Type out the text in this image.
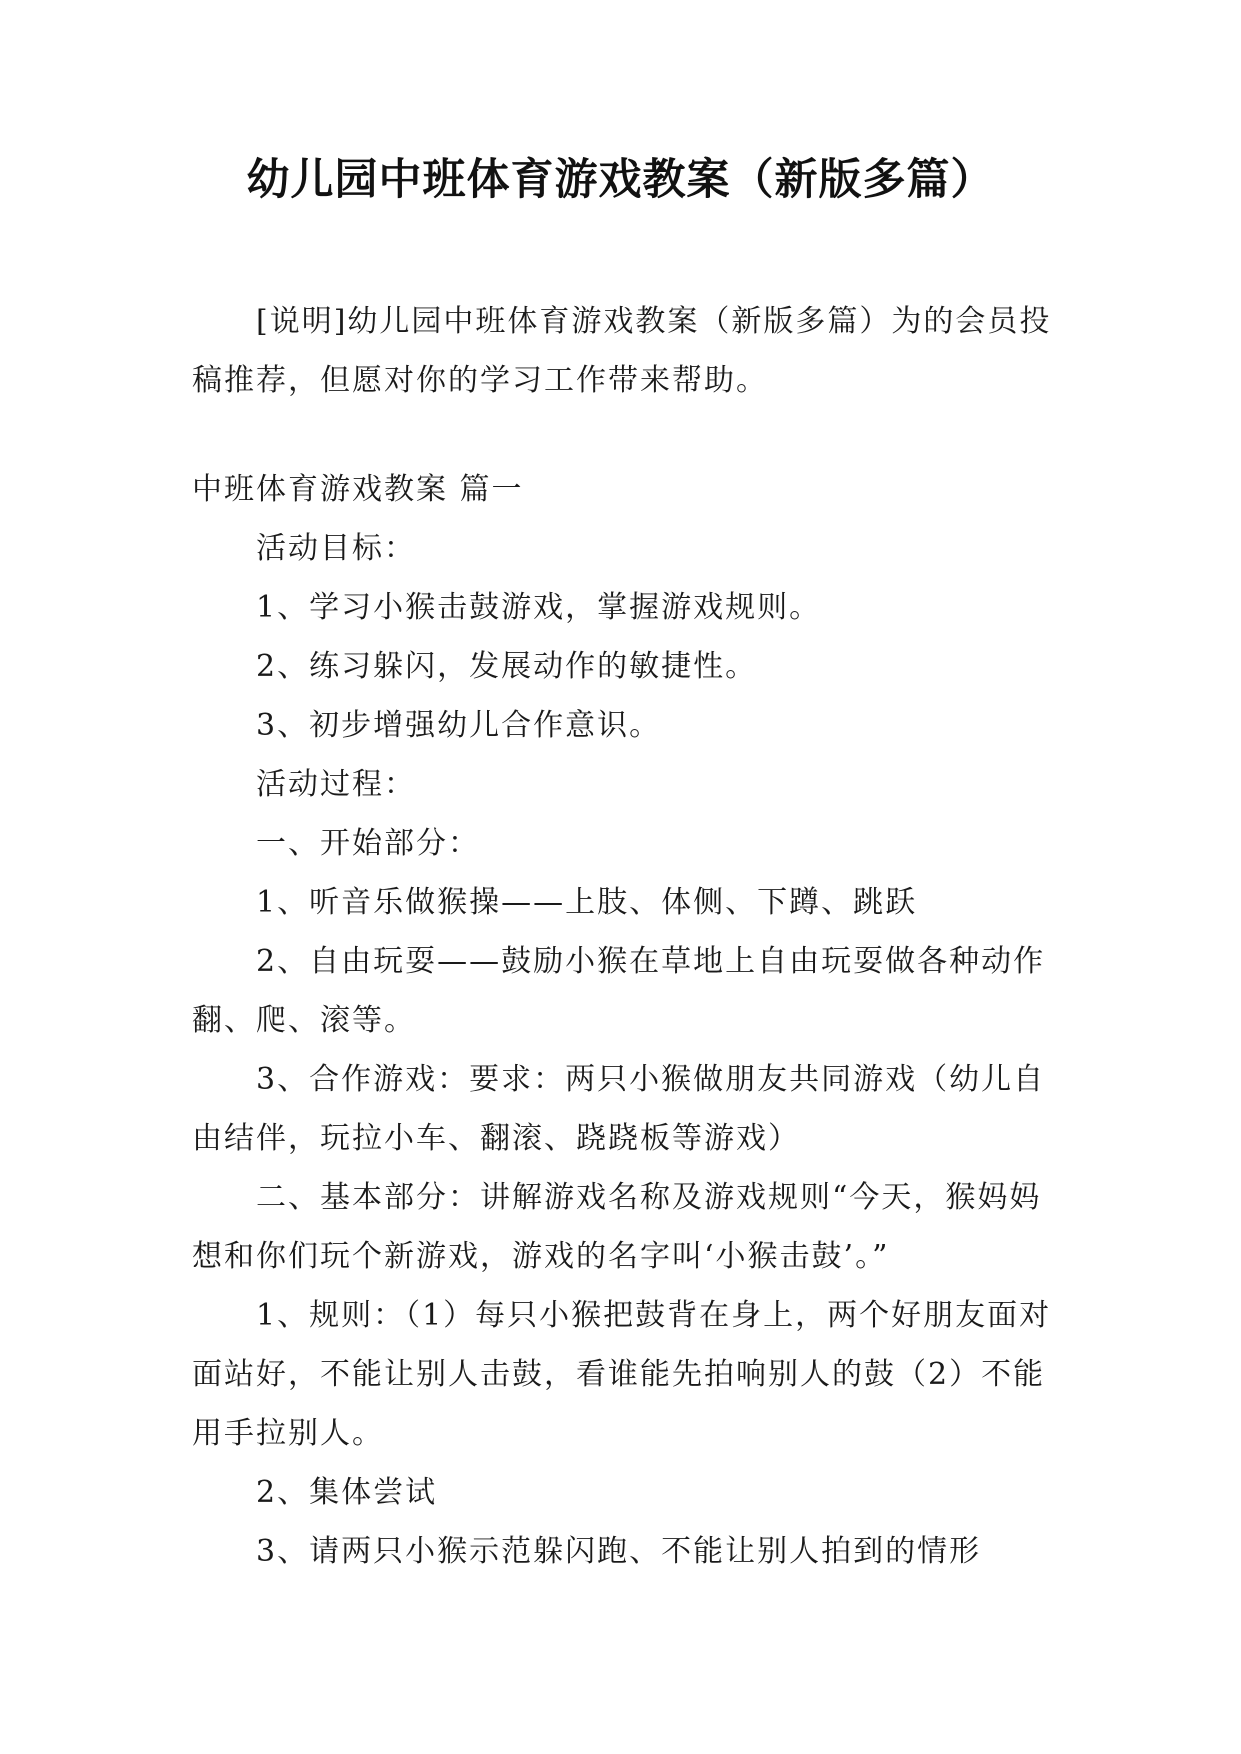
幼儿园中班体育游戏教案（新版多篇）

[说明]幼儿园中班体育游戏教案（新版多篇）为的会员投稿推荐，但愿对你的学习工作带来帮助。

中班体育游戏教案 篇一

活动目标：

1、学习小猴击鼓游戏，掌握游戏规则。

2、练习躲闪，发展动作的敏捷性。

3、初步增强幼儿合作意识。

活动过程：

一、开始部分：

1、听音乐做猴操——上肢、体侧、下蹲、跳跃

2、自由玩耍——鼓励小猴在草地上自由玩耍做各种动作翻、爬、滚等。

3、合作游戏：要求：两只小猴做朋友共同游戏（幼儿自由结伴，玩拉小车、翻滚、跷跷板等游戏）

二、基本部分：讲解游戏名称及游戏规则“今天，猴妈妈想和你们玩个新游戏，游戏的名字叫‘小猴击鼓’。”

1、规则：（1）每只小猴把鼓背在身上，两个好朋友面对面站好，不能让别人击鼓，看谁能先拍响别人的鼓（2）不能用手拉别人。

2、集体尝试

3、请两只小猴示范躲闪跑、不能让别人拍到的情形
